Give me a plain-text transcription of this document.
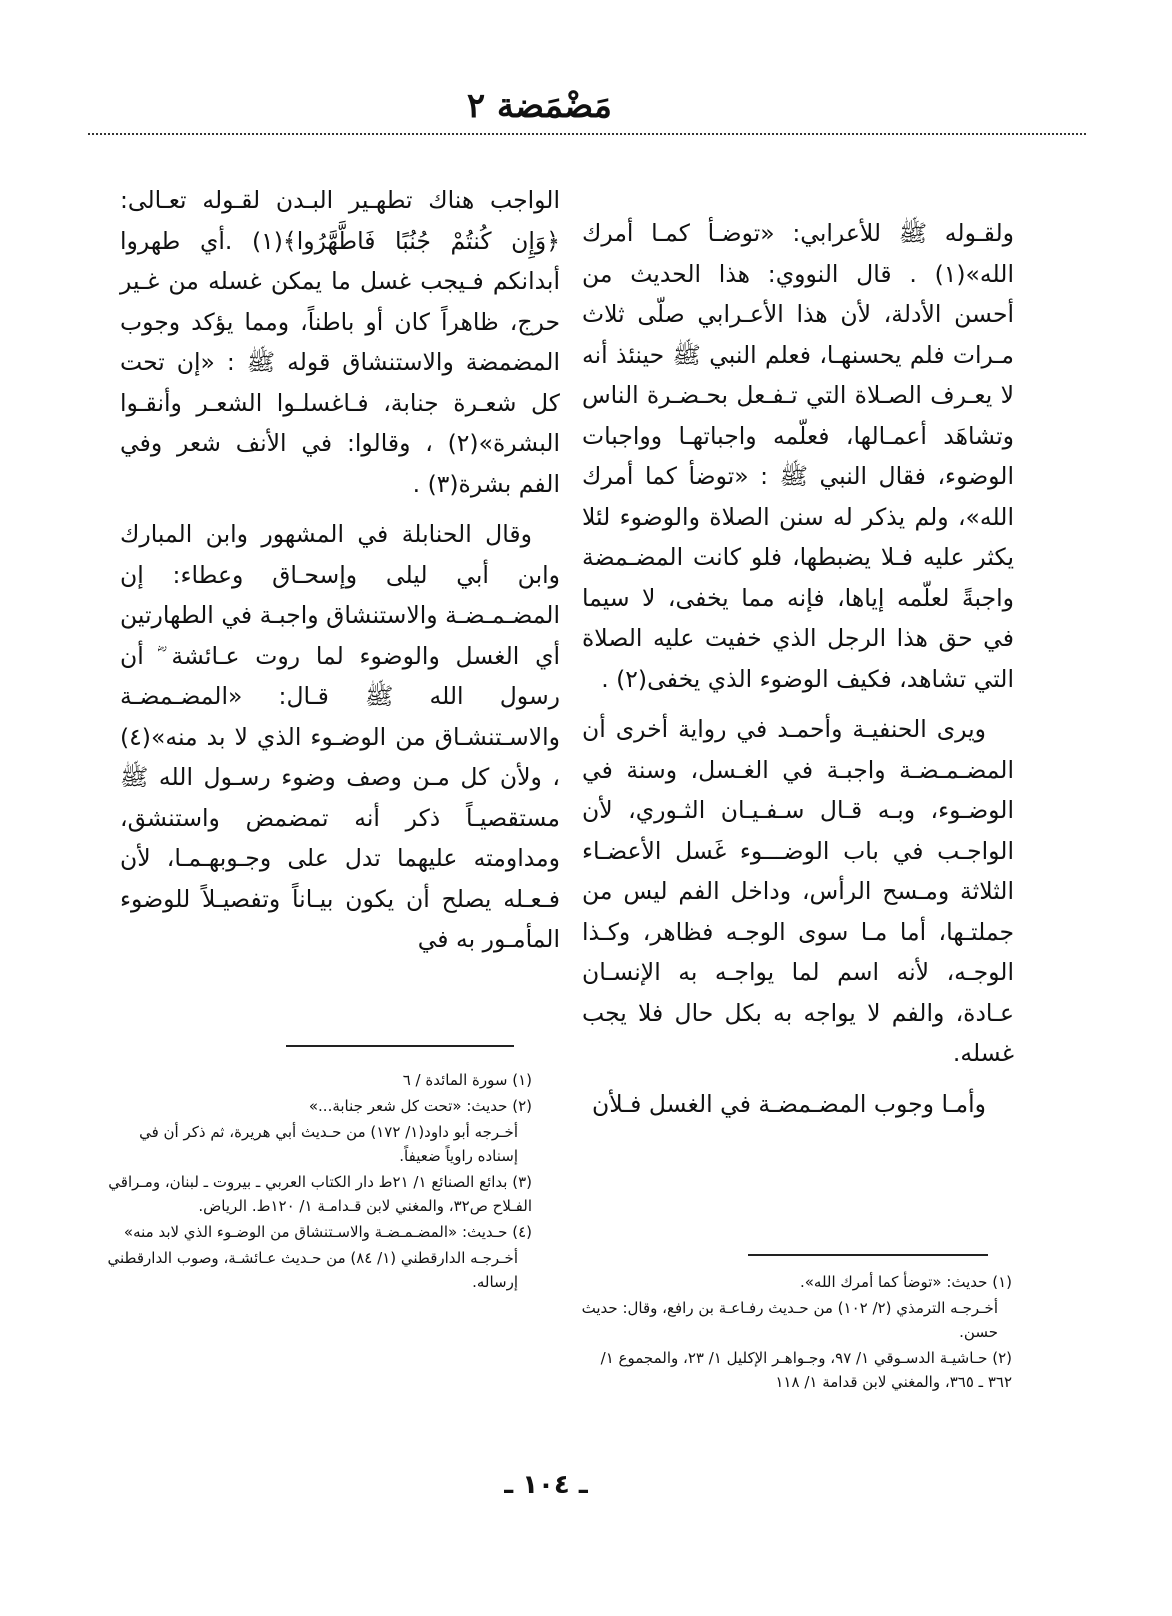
مَضْمَضة ٢

ولقـوله ﷺ للأعرابي: «توضـأ كمـا أمرك الله»(١) . قال النووي: هذا الحديث من أحسن الأدلة، لأن هذا الأعـرابي صلّى ثلاث مـرات فلم يحسنهـا، فعلم النبي ﷺ حينئذ أنه لا يعـرف الصـلاة التي تـفـعل بحـضـرة الناس وتشاهَد أعمـالها، فعلّمه واجباتهـا وواجبات الوضوء، فقال النبي ﷺ : «توضأ كما أمرك الله»، ولم يذكر له سنن الصلاة والوضوء لئلا يكثر عليه فـلا يضبطها، فلو كانت المضـمضة واجبةً لعلّمه إياها، فإنه مما يخفى، لا سيما في حق هذا الرجل الذي خفيت عليه الصلاة التي تشاهد، فكيف الوضوء الذي يخفى(٢) .

ويرى الحنفيـة وأحمـد في رواية أخرى أن المضـمـضـة واجبـة في الغـسل، وسنة في الوضـوء، وبـه قـال سـفـيـان الثـوري، لأن الواجـب في باب الوضـــوء غَسل الأعضـاء الثلاثة ومـسح الرأس، وداخل الفم ليس من جملتـها، أما مـا سوى الوجـه فظاهر، وكـذا الوجـه، لأنه اسم لما يواجـه به الإنسـان عـادة، والفم لا يواجه به بكل حال فلا يجب غسله.

وأمـا وجوب المضـمضـة في الغسل فـلأن

الواجب هناك تطهـير البـدن لقـوله تعـالى: ﴿وَإِن كُنتُمْ جُنُبًا فَاطَّهَّرُوا﴾(١) .أي طهروا أبدانكم فـيجب غسل ما يمكن غسله من غـير حرج، ظاهراً كان أو باطناً، ومما يؤكد وجوب المضمضة والاستنشاق قوله ﷺ : «إن تحت كل شعـرة جنابة، فـاغسلـوا الشعـر وأنقـوا البشرة»(٢) ، وقالوا: في الأنف شعر وفي الفم بشرة(٣) .

وقال الحنابلة في المشهور وابن المبارك وابن أبي ليلى وإسحـاق وعطاء: إن المضـمـضـة والاستنشاق واجبـة في الطهارتين أي الغسل والوضوء لما روت عـائشة ؓ أن رسول الله ﷺ قـال: «المضـمضـة والاسـتنشـاق من الوضـوء الذي لا بد منه»(٤) ، ولأن كل مـن وصف وضوء رسـول الله ﷺ مستقصيـاً ذكر أنه تمضمض واستنشق، ومداومته عليهما تدل على وجـوبهـمـا، لأن فـعـله يصلح أن يكون بيـاناً وتفصيـلاً للوضوء المأمـور به في

(١) حديث: «توضأ كما أمرك الله».
أخـرجـه الترمذي (٢/ ١٠٢) من حـديث رفـاعـة بن رافع، وقال: حديث حسن.
(٢) حـاشيـة الدسـوقي ١/ ٩٧، وجـواهـر الإكليل ١/ ٢٣، والمجموع ١/ ٣٦٢ ـ ٣٦٥، والمغني لابن قدامة ١/ ١١٨
(١) سورة المائدة / ٦
(٢) حديث: «تحت كل شعر جنابة...»
أخـرجه أبو داود(١/ ١٧٢) من حـديث أبي هريرة، ثم ذكر أن في إسناده راوياً ضعيفاً.
(٣) بدائع الصنائع ١/ ٢١ط دار الكتاب العربي ـ بيروت ـ لبنان، ومـراقي الفـلاح ص٣٢، والمغني لابن قـدامـة ١/ ١٢٠ط. الرياض.
(٤) حـديث: «المضـمـضـة والاسـتنشاق من الوضـوء الذي لابد منه»
أخـرجـه الدارقطني (١/ ٨٤) من حـديث عـائشـة، وصوب الدارقطني إرساله.
ـ ١٠٤ ـ
